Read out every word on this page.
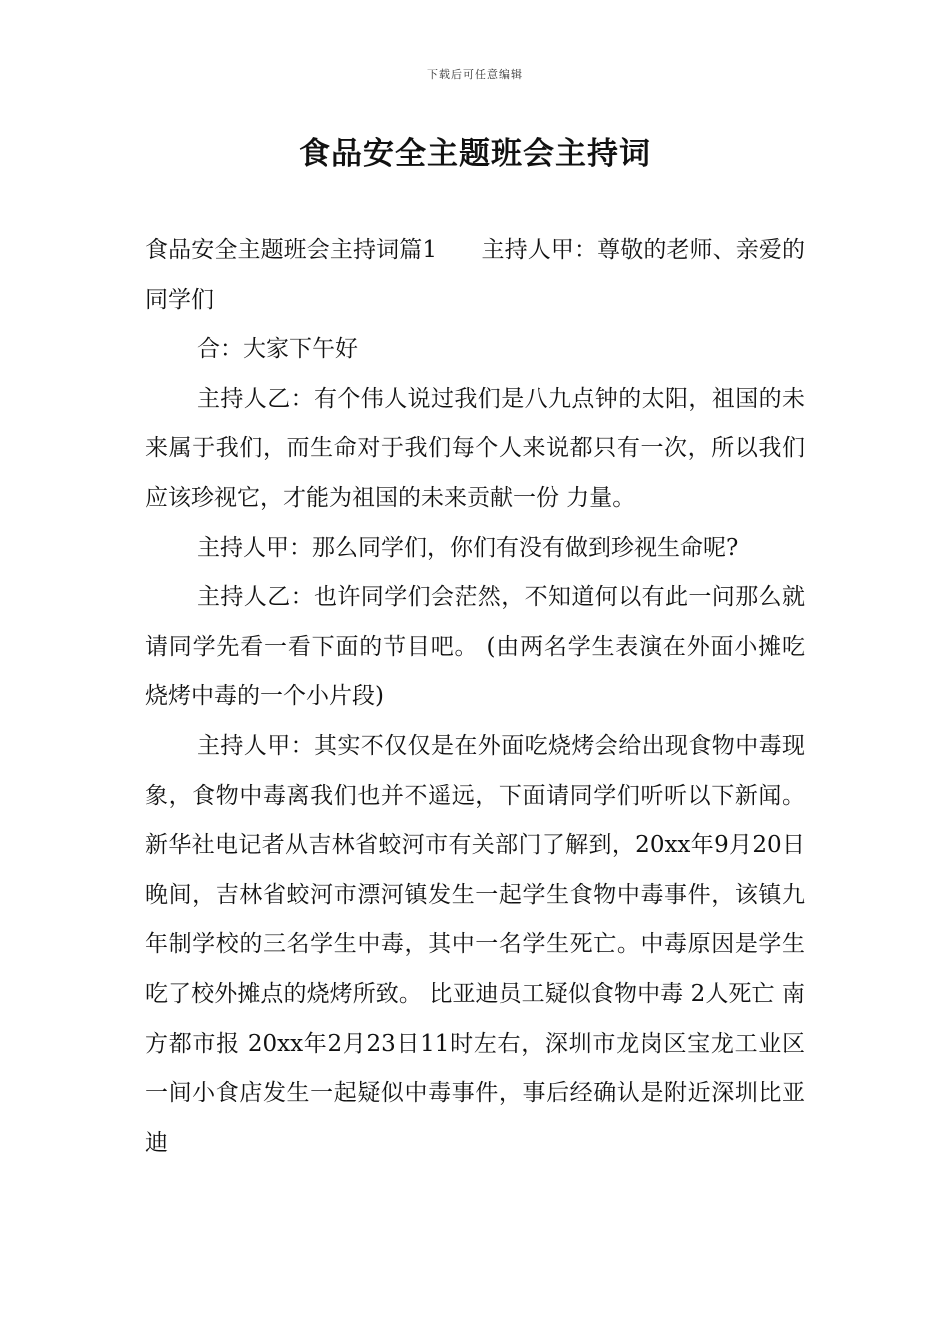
下载后可任意编辑
食品安全主题班会主持词

食品安全主题班会主持词篇1      主持人甲：尊敬的老师、亲爱的同学们

合：大家下午好

主持人乙：有个伟人说过我们是八九点钟的太阳，祖国的未来属于我们，而生命对于我们每个人来说都只有一次，所以我们应该珍视它，才能为祖国的未来贡献一份 力量。

主持人甲：那么同学们，你们有没有做到珍视生命呢?

主持人乙：也许同学们会茫然，不知道何以有此一问那么就请同学先看一看下面的节目吧。 (由两名学生表演在外面小摊吃烧烤中毒的一个小片段)

主持人甲：其实不仅仅是在外面吃烧烤会给出现食物中毒现象，食物中毒离我们也并不遥远，下面请同学们听听以下新闻。 新华社电记者从吉林省蛟河市有关部门了解到，20xx年9月20日晚间，吉林省蛟河市漂河镇发生一起学生食物中毒事件，该镇九年制学校的三名学生中毒，其中一名学生死亡。中毒原因是学生吃了校外摊点的烧烤所致。 比亚迪员工疑似食物中毒 2人死亡 南方都市报 20xx年2月23日11时左右，深圳市龙岗区宝龙工业区一间小食店发生一起疑似中毒事件，事后经确认是附近深圳比亚迪
